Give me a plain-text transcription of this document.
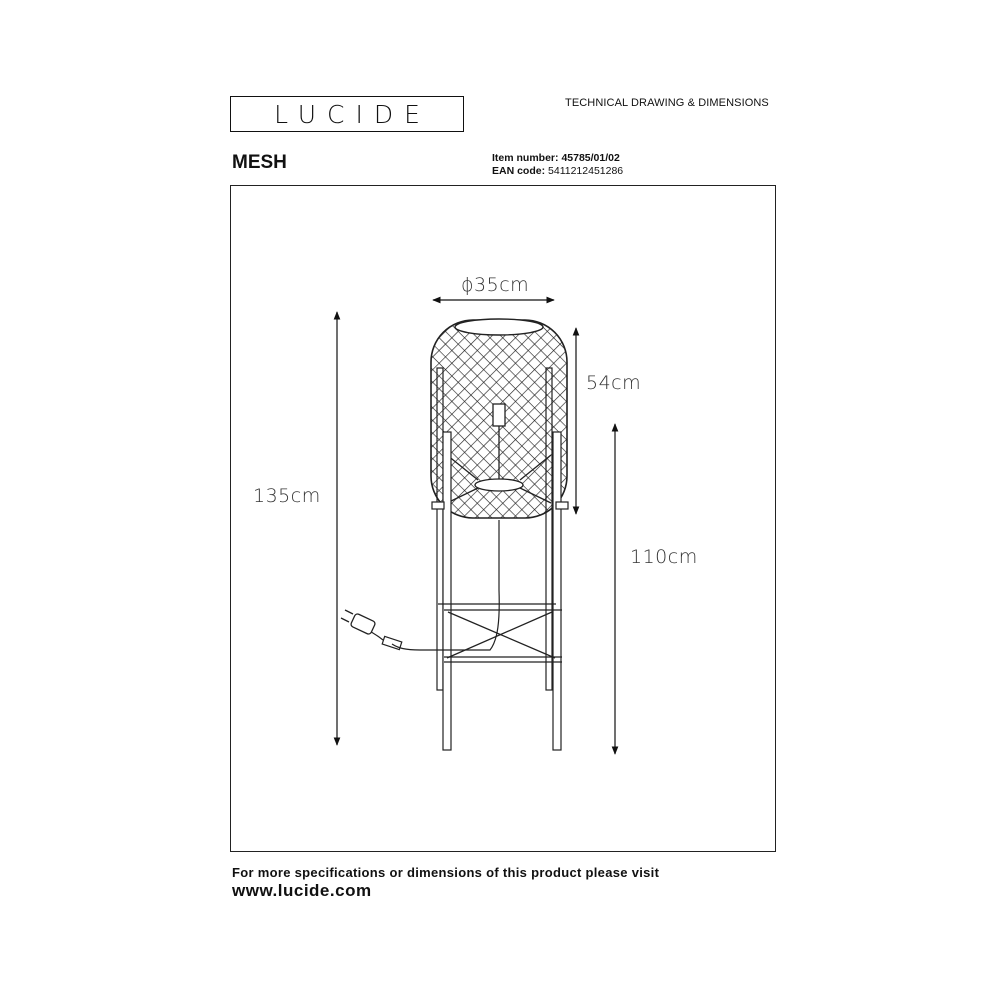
LUCIDE	TECHNICAL DRAWING & DIMENSIONS
MESH	Item number: 45785/01/02
EAN code: 5411212451286
ϕ35cm
54cm
135cm
110cm
For more specifications or dimensions of this product please visit
www.lucide.com
